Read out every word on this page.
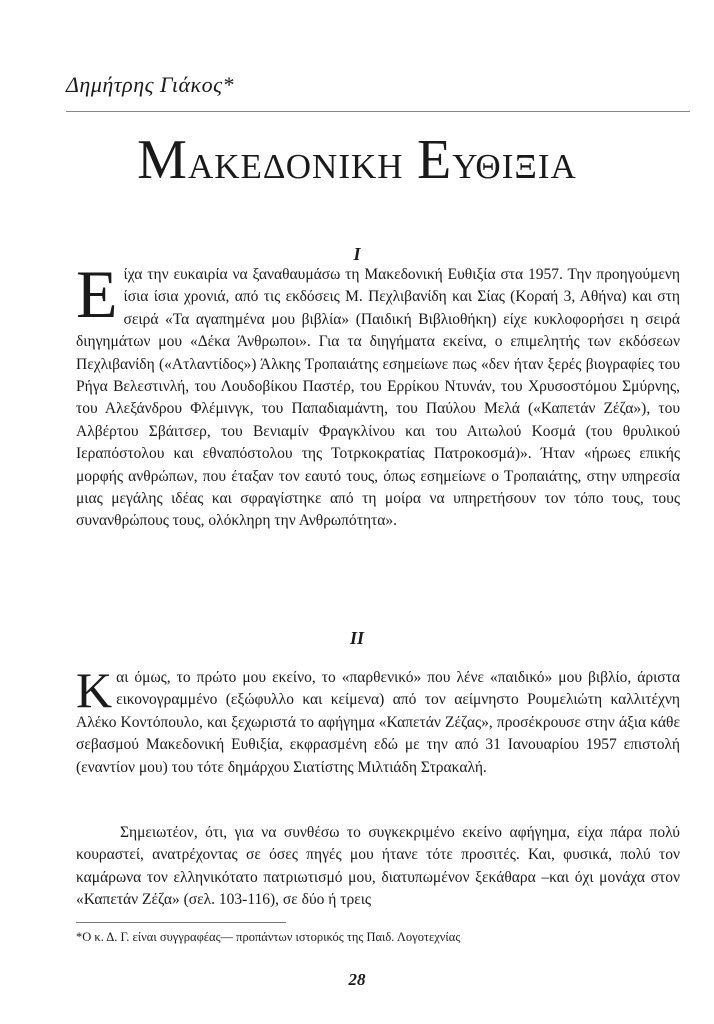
Δημήτρης Γιάκος*
Μακεδονικη Ευθιξια
I
Είχα την ευκαιρία να ξαναθαυμάσω τη Μακεδονική Ευθιξία στα 1957. Την προηγούμενη ίσια ίσια χρονιά, από τις εκδόσεις Μ. Πεχλιβανίδη και Σίας (Κοραή 3, Αθήνα) και στη σειρά «Τα αγαπημένα μου βιβλία» (Παιδική Βιβλιοθήκη) είχε κυκλοφορήσει η σειρά διηγημάτων μου «Δέκα Άνθρωποι». Για τα διηγήματα εκείνα, ο επιμελητής των εκδόσεων Πεχλιβανίδη («Ατλαντίδος») Άλκης Τροπαιάτης εσημείωνε πως «δεν ήταν ξερές βιογραφίες του Ρήγα Βελεστινλή, του Λουδοβίκου Παστέρ, του Ερρίκου Ντυνάν, του Χρυσοστόμου Σμύρνης, του Αλεξάνδρου Φλέμινγκ, του Παπαδιαμάντη, του Παύλου Μελά («Καπετάν Ζέζα»), του Αλβέρτου Σβάιτσερ, του Βενιαμίν Φραγκλίνου και του Αιτωλού Κοσμά (του θρυλικού Ιεραπόστολου και εθναπόστολου της Τοτρκοκρατίας Πατροκοσμά)». Ήταν «ήρωες επικής μορφής ανθρώπων, που έταξαν τον εαυτό τους, όπως εσημείωνε ο Τροπαιάτης, στην υπηρεσία μιας μεγάλης ιδέας και σφραγίστηκε από τη μοίρα να υπηρετήσουν τον τόπο τους, τους συνανθρώπους τους, ολόκληρη την Ανθρωπότητα».
II
Και όμως, το πρώτο μου εκείνο, το «παρθενικό» που λένε «παιδικό» μου βιβλίο, άριστα εικονογραμμένο (εξώφυλλο και κείμενα) από τον αείμνηστο Ρουμελιώτη καλλιτέχνη Αλέκο Κοντόπουλο, και ξεχωριστά το αφήγημα «Καπετάν Ζέζας», προσέκρουσε στην άξια κάθε σεβασμού Μακεδονική Ευθιξία, εκφρασμένη εδώ με την από 31 Ιανουαρίου 1957 επιστολή (εναντίον μου) του τότε δημάρχου Σιατίστης Μιλτιάδη Στρακαλή.
Σημειωτέον, ότι, για να συνθέσω το συγκεκριμένο εκείνο αφήγημα, είχα πάρα πολύ κουραστεί, ανατρέχοντας σε όσες πηγές μου ήτανε τότε προσιτές. Και, φυσικά, πολύ τον καμάρωνα τον ελληνικότατο πατριωτισμό μου, διατυπωμένον ξεκάθαρα –και όχι μονάχα στον «Καπετάν Ζέζα» (σελ. 103-116), σε δύο ή τρεις
*Ο κ. Δ. Γ. είναι συγγραφέας— προπάντων ιστορικός της Παιδ. Λογοτεχνίας
28
